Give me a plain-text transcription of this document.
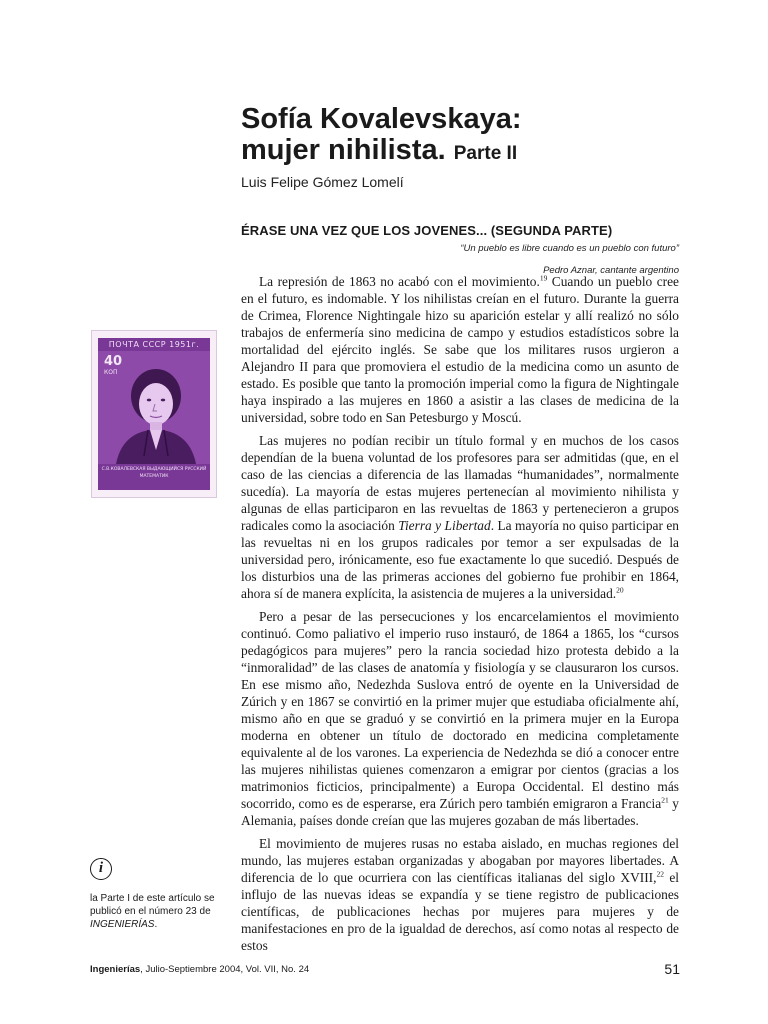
Sofía Kovalevskaya:
mujer nihilista. Parte II
Luis Felipe Gómez Lomelí
ÉRASE UNA VEZ QUE LOS JOVENES... (SEGUNDA PARTE)
“Un pueblo es libre cuando es un pueblo con futuro”
Pedro Aznar, cantante argentino

La represión de 1863 no acabó con el movimiento.$^{19}$ Cuando un pueblo cree en el futuro, es indomable. Y los nihilistas creían en el futuro. Durante la guerra de Crimea, Florence Nightingale hizo su aparición estelar y allí realizó no sólo trabajos de enfermería sino medicina de campo y estudios estadísticos sobre la mortalidad del ejército inglés. Se sabe que los militares rusos urgieron a Alejandro II para que promoviera el estudio de la medicina como un asunto de estado. Es posible que tanto la promoción imperial como la figura de Nightingale haya inspirado a las mujeres en 1860 a asistir a las clases de medicina de la universidad, sobre todo en San Petesburgo y Moscú.

Las mujeres no podían recibir un título formal y en muchos de los casos dependían de la buena voluntad de los profesores para ser admitidas (que, en el caso de las ciencias a diferencia de las llamadas “humanidades”, normalmente sucedía). La mayoría de estas mujeres pertenecían al movimiento nihilista y algunas de ellas participaron en las revueltas de 1863 y pertenecieron a grupos radicales como la asociación Tierra y Libertad. La mayoría no quiso participar en las revueltas ni en los grupos radicales por temor a ser expulsadas de la universidad pero, irónicamente, eso fue exactamente lo que sucedió. Después de los disturbios una de las primeras acciones del gobierno fue prohibir en 1864, ahora sí de manera explícita, la asistencia de mujeres a la universidad.$^{20}$

Pero a pesar de las persecuciones y los encarcelamientos el movimiento continuó. Como paliativo el imperio ruso instauró, de 1864 a 1865, los “cursos pedagógicos para mujeres” pero la rancia sociedad hizo protesta debido a la “inmoralidad” de las clases de anatomía y fisiología y se clausuraron los cursos. En ese mismo año, Nedezhda Suslova entró de oyente en la Universidad de Zúrich y en 1867 se convirtió en la primer mujer que estudiaba oficialmente ahí, mismo año en que se graduó y se convirtió en la primera mujer en la Europa moderna en obtener un título de doctorado en medicina completamente equivalente al de los varones. La experiencia de Nedezhda se dió a conocer entre las mujeres nihilistas quienes comenzaron a emigrar por cientos (gracias a los matrimonios ficticios, principalmente) a Europa Occidental. El destino más socorrido, como es de esperarse, era Zúrich pero también emigraron a Francia$^{21}$ y Alemania, países donde creían que las mujeres gozaban de más libertades.

El movimiento de mujeres rusas no estaba aislado, en muchas regiones del mundo, las mujeres estaban organizadas y abogaban por mayores libertades. A diferencia de lo que ocurriera con las científicas italianas del siglo XVIII,$^{22}$ el influjo de las nuevas ideas se expandía y se tiene registro de publicaciones científicas, de publicaciones hechas por mujeres para mujeres y de manifestaciones en pro de la igualdad de derechos, así como notas al respecto de estos

ПОЧТА СССР 1951г.
40
КОП
С.В.КОВАЛЕВСКАЯ ВЫДАЮЩИЙСЯ РУССКИЙ МАТЕМАТИК
i
la Parte I de este artículo se publicó en el número 23 de INGENIERÍAS.
Ingenierías, Julio-Septiembre 2004, Vol. VII, No. 24	51
